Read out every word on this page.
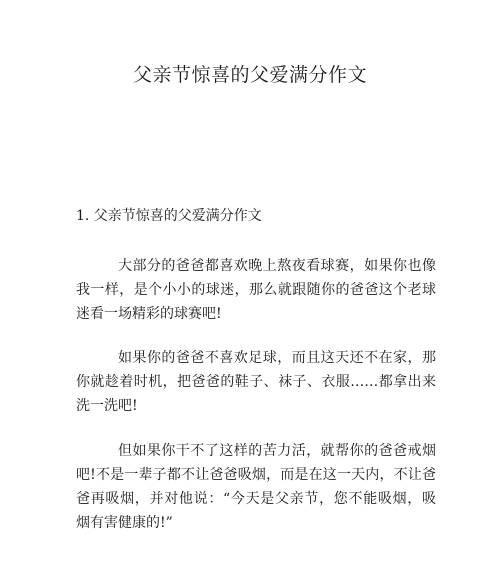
父亲节惊喜的父爱满分作文
1. 父亲节惊喜的父爱满分作文
大部分的爸爸都喜欢晚上熬夜看球赛，如果你也像
我一样，是个小小的球迷，那么就跟随你的爸爸这个老球
迷看一场精彩的球赛吧!
如果你的爸爸不喜欢足球，而且这天还不在家，那
你就趁着时机，把爸爸的鞋子、袜子、衣服……都拿出来
洗一洗吧!
但如果你干不了这样的苦力活，就帮你的爸爸戒烟
吧!不是一辈子都不让爸爸吸烟，而是在这一天内，不让爸
爸再吸烟，并对他说：“今天是父亲节，您不能吸烟，吸
烟有害健康的!”
